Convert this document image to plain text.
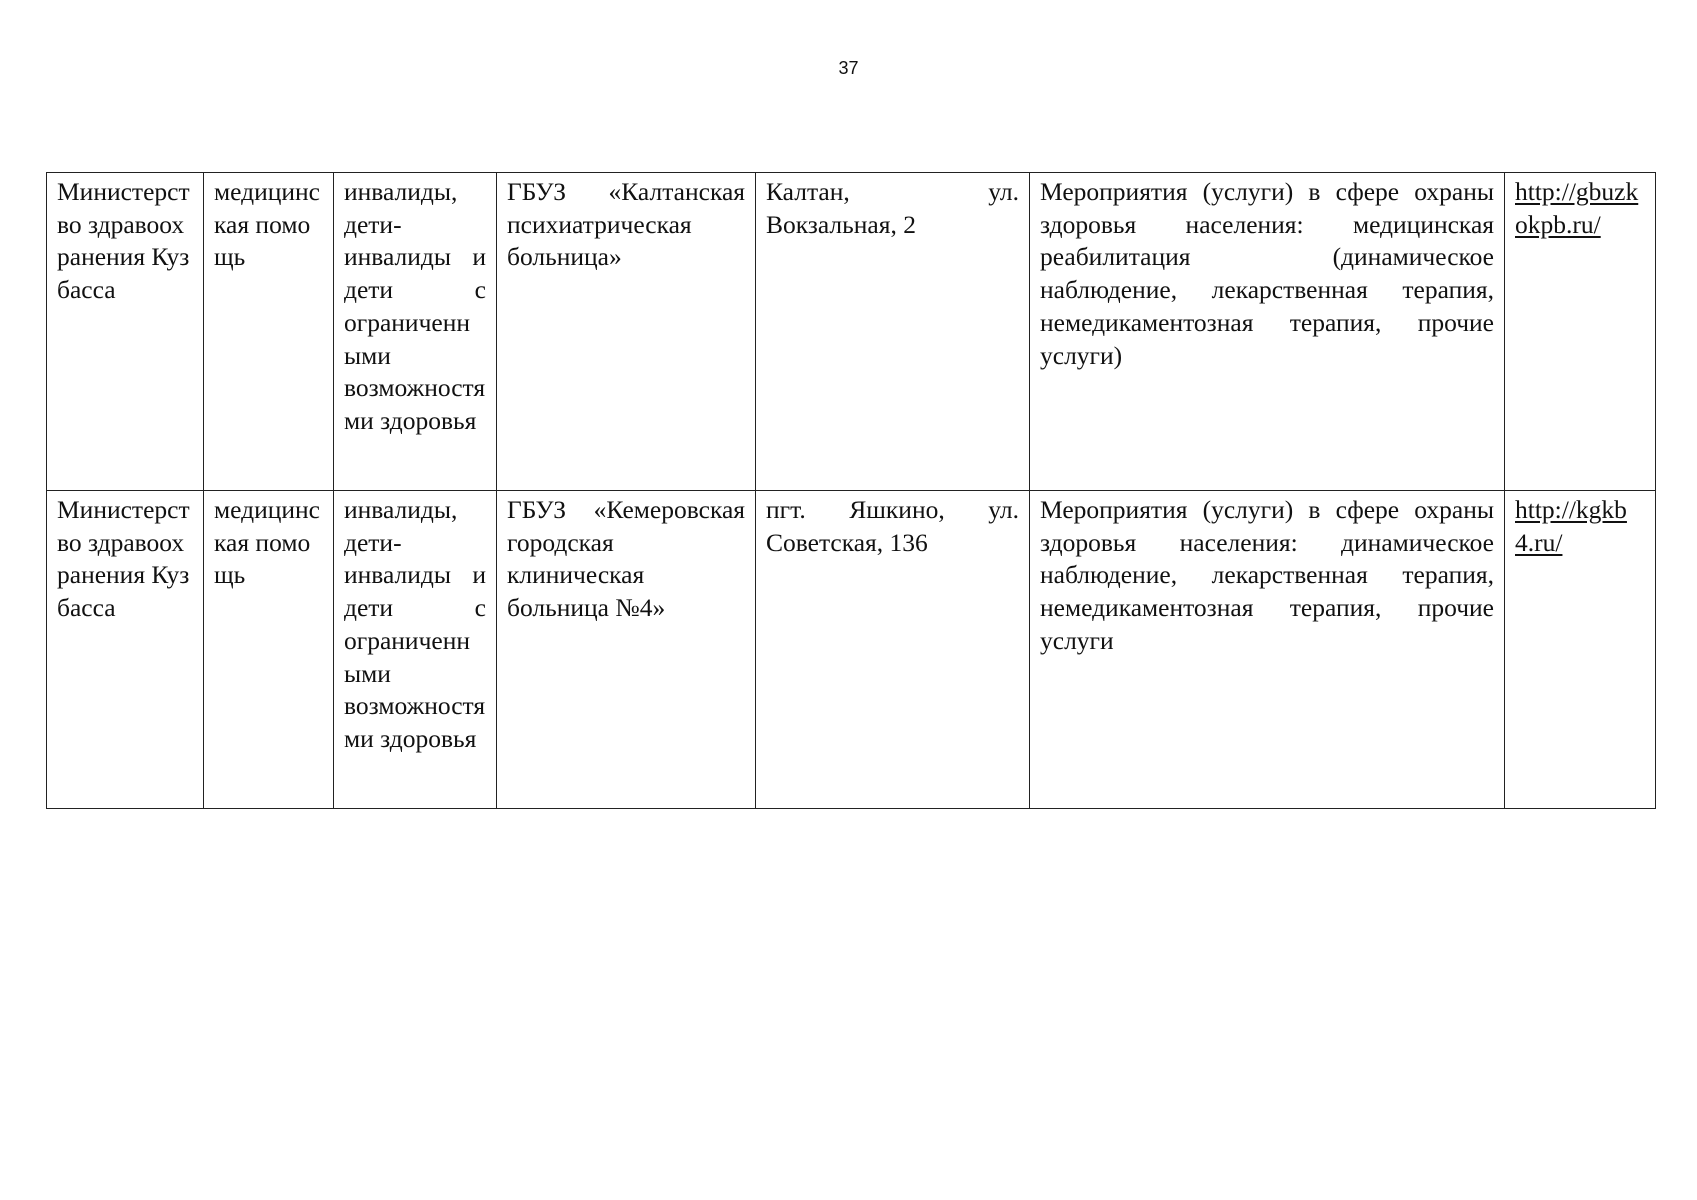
37
Министерство здравоохранения Кузбасса	медицинская помощь	инвалиды, дети-инвалиды и дети с ограниченными возможностями здоровья	ГБУЗ «Калтанская психиатрическая больница»	Калтан, ул. Вокзальная, 2	Мероприятия (услуги) в сфере охраны здоровья населения: медицинская реабилитация (динамическое наблюдение, лекарственная терапия, немедикаментозная терапия, прочие услуги)	http://gbuzkokpb.ru/

Министерство здравоохранения Кузбасса	медицинская помощь	инвалиды, дети-инвалиды и дети с ограниченными возможностями здоровья	ГБУЗ «Кемеровская городская клиническая больница №4»	пгт. Яшкино, ул. Советская, 136	Мероприятия (услуги) в сфере охраны здоровья населения: динамическое наблюдение, лекарственная терапия, немедикаментозная терапия, прочие услуги	http://kgkb4.ru/
